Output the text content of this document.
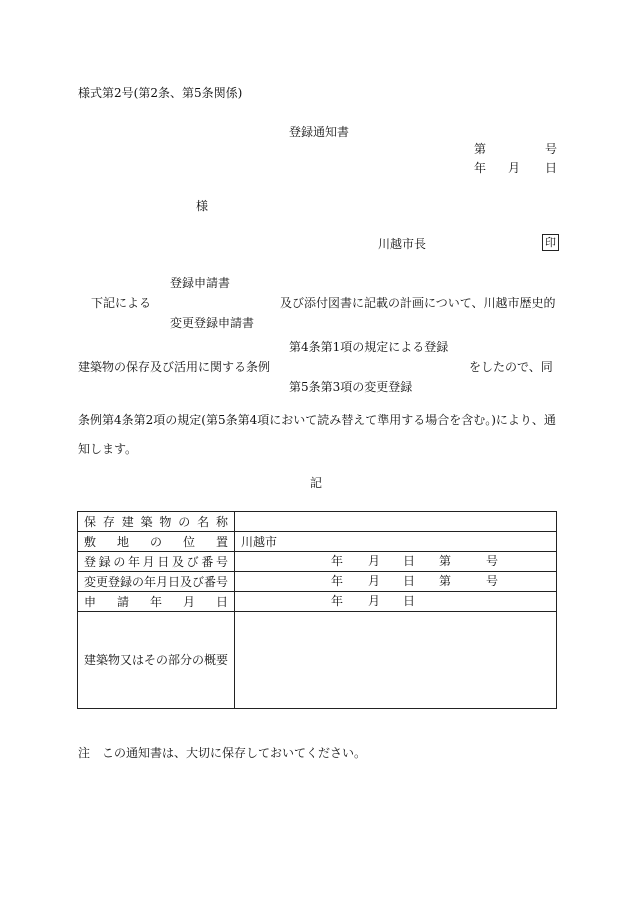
様式第2号(第2条、第5条関係)
登録通知書
第	号
年 月 日
様
川越市長	印
登録申請書
下記による	及び添付図書に記載の計画について、川越市歴史的
変更登録申請書
第4条第1項の規定による登録
建築物の保存及び活用に関する条例	をしたので、同
第5条第3項の変更登録
条例第4条第2項の規定(第5条第4項において読み替えて準用する場合を含む。)により、通
知します。
記
保存建築物の名称	
敷地の位置	川越市
登録の年月日及び番号	年 月 日 第 号

変更登録の年月日及び番号	年 月 日 第 号

申請年月日	年 月 日

建築物又はその部分の概要	
注　この通知書は、大切に保存しておいてください。
